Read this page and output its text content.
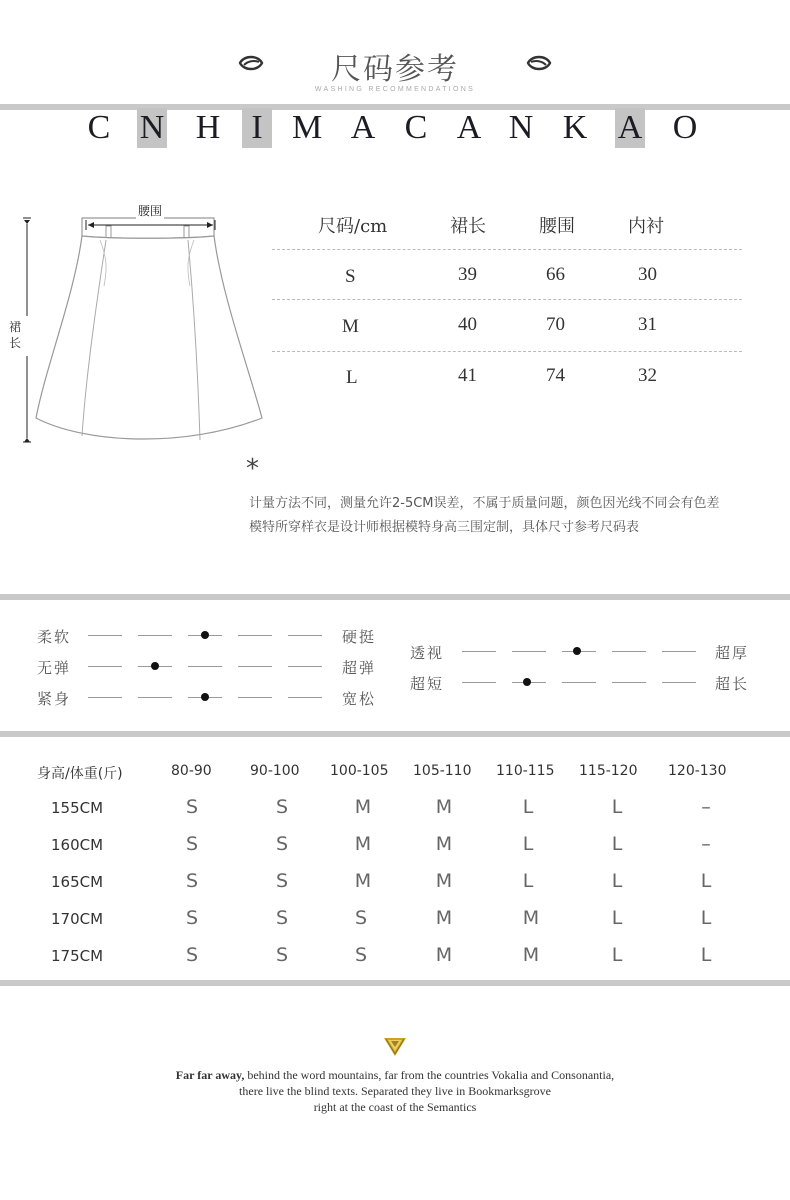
尺码参考
WASHING RECOMMENDATIONS
C N H I M A C A N K A O
腰围
裙
长
尺码/cm	裙长	腰围	内衬
S	39	66	30
M	40	70	31
L	41	74	32
*
计量方法不同，测量允许2-5CM误差，不属于质量问题，颜色因光线不同会有色差
模特所穿样衣是设计师根据模特身高三围定制，具体尺寸参考尺码表
柔软	硬挺
无弹	超弹
紧身	宽松
透视	超厚
超短	超长
身高/体重(斤)	80-90	90-100 100-105 105-110 110-115 115-120 120-130
155CM	S	S	M	M	L	L	–
160CM	S	S	M	M	L	L	–
165CM	S	S	M	M	L	L	L
170CM	S	S	S	M	M	L	L
175CM	S	S	S	M	M	L	L
Far far away, behind the word mountains, far from the countries Vokalia and Consonantia,
there live the blind texts. Separated they live in Bookmarksgrove
right at the coast of the Semantics
